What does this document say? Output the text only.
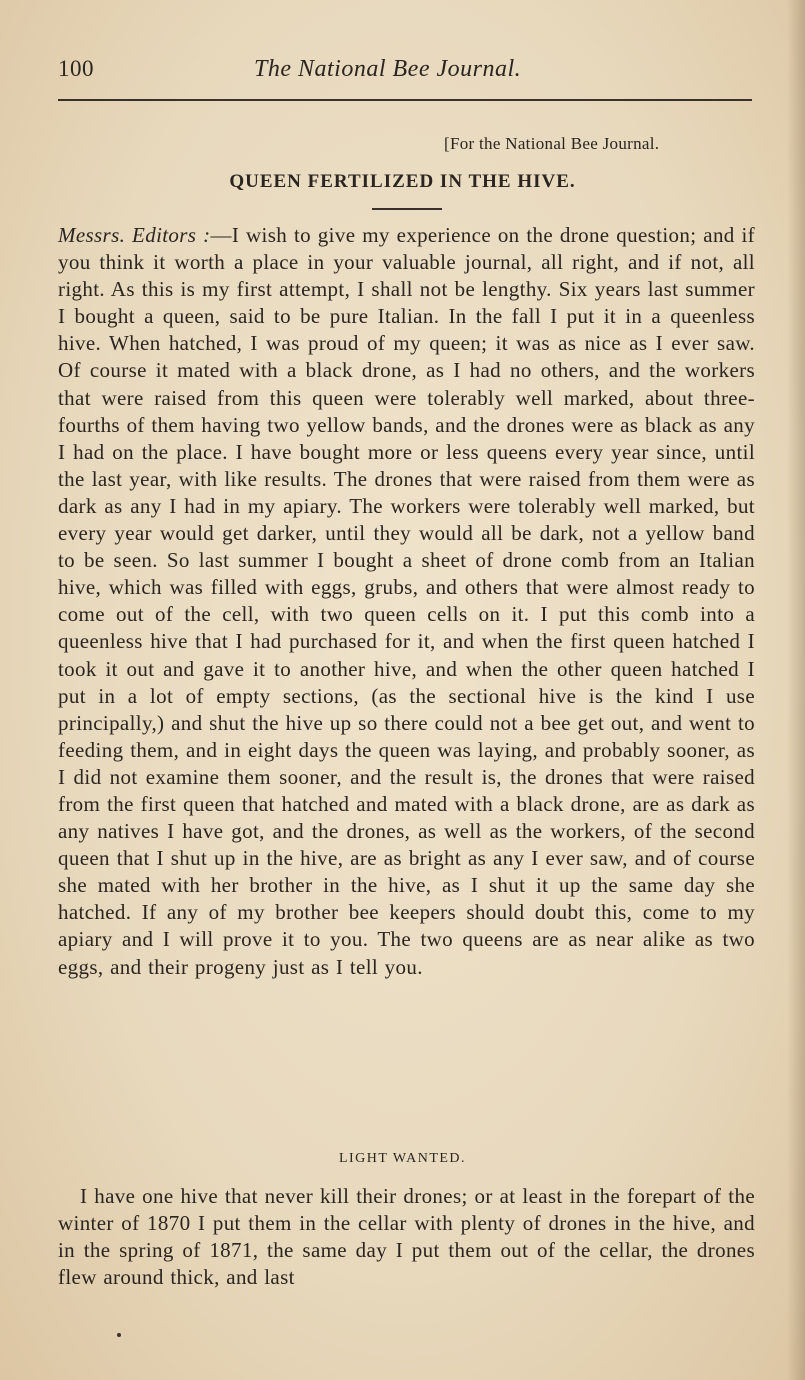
100	The National Bee Journal.
[For the National Bee Journal.
QUEEN FERTILIZED IN THE HIVE.
Messrs. Editors :—I wish to give my experience on the drone question; and if you think it worth a place in your valuable journal, all right, and if not, all right. As this is my first attempt, I shall not be lengthy. Six years last summer I bought a queen, said to be pure Italian. In the fall I put it in a queenless hive. When hatched, I was proud of my queen; it was as nice as I ever saw. Of course it mated with a black drone, as I had no others, and the workers that were raised from this queen were tolerably well marked, about three-fourths of them having two yellow bands, and the drones were as black as any I had on the place. I have bought more or less queens every year since, until the last year, with like results. The drones that were raised from them were as dark as any I had in my apiary. The workers were tolerably well marked, but every year would get darker, until they would all be dark, not a yellow band to be seen. So last summer I bought a sheet of drone comb from an Italian hive, which was filled with eggs, grubs, and others that were almost ready to come out of the cell, with two queen cells on it. I put this comb into a queenless hive that I had purchased for it, and when the first queen hatched I took it out and gave it to another hive, and when the other queen hatched I put in a lot of empty sections, (as the sectional hive is the kind I use principally,) and shut the hive up so there could not a bee get out, and went to feeding them, and in eight days the queen was laying, and probably sooner, as I did not examine them sooner, and the result is, the drones that were raised from the first queen that hatched and mated with a black drone, are as dark as any natives I have got, and the drones, as well as the workers, of the second queen that I shut up in the hive, are as bright as any I ever saw, and of course she mated with her brother in the hive, as I shut it up the same day she hatched. If any of my brother bee keepers should doubt this, come to my apiary and I will prove it to you. The two queens are as near alike as two eggs, and their progeny just as I tell you.
LIGHT WANTED.
I have one hive that never kill their drones; or at least in the forepart of the winter of 1870 I put them in the cellar with plenty of drones in the hive, and in the spring of 1871, the same day I put them out of the cellar, the drones flew around thick, and last
